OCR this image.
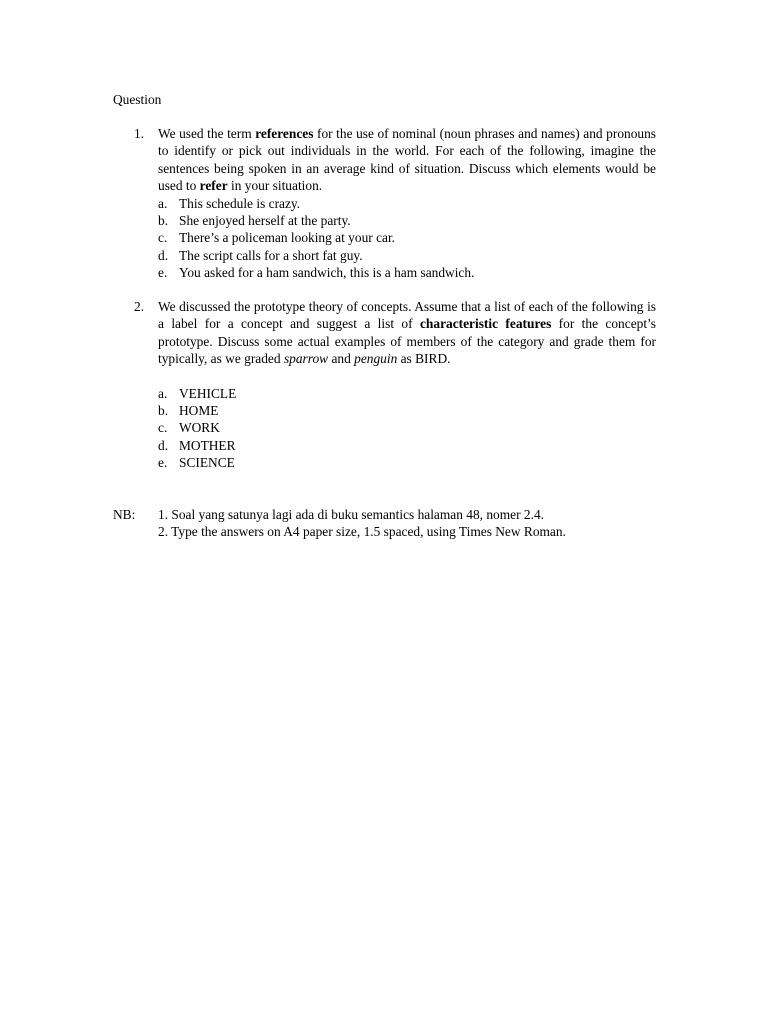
Question
1. We used the term references for the use of nominal (noun phrases and names) and pronouns to identify or pick out individuals in the world. For each of the following, imagine the sentences being spoken in an average kind of situation. Discuss which elements would be used to refer in your situation.
a. This schedule is crazy.
b. She enjoyed herself at the party.
c. There’s a policeman looking at your car.
d. The script calls for a short fat guy.
e. You asked for a ham sandwich, this is a ham sandwich.
2. We discussed the prototype theory of concepts. Assume that a list of each of the following is a label for a concept and suggest a list of characteristic features for the concept’s prototype. Discuss some actual examples of members of the category and grade them for typically, as we graded sparrow and penguin as BIRD.
a. VEHICLE
b. HOME
c. WORK
d. MOTHER
e. SCIENCE
NB: 1. Soal yang satunya lagi ada di buku semantics halaman 48, nomer 2.4.
2. Type the answers on A4 paper size, 1.5 spaced, using Times New Roman.
